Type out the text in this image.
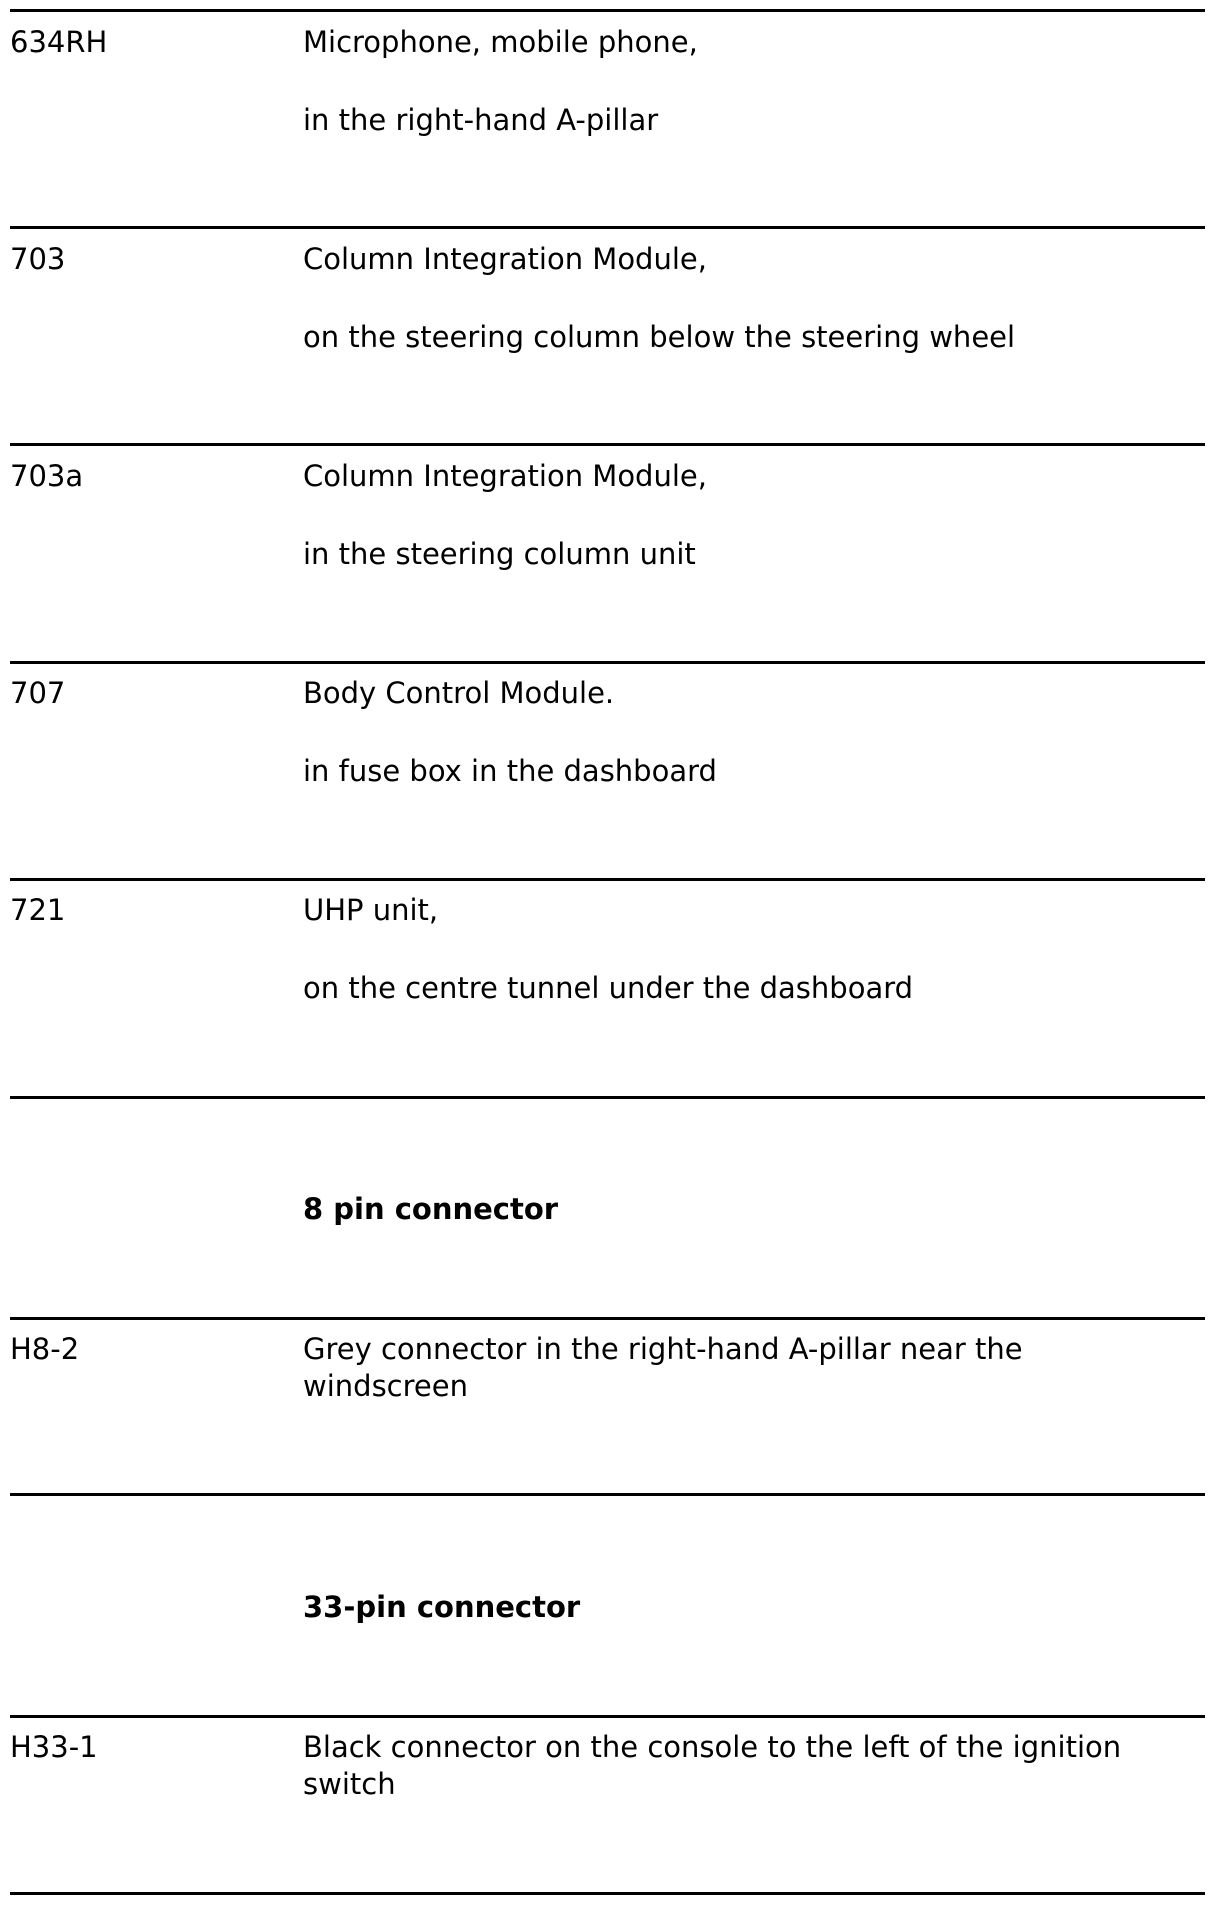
634RH	Microphone, mobile phone,
in the right-hand A-pillar
703	Column Integration Module,
on the steering column below the steering wheel
703a	Column Integration Module,
in the steering column unit
707	Body Control Module.
in fuse box in the dashboard
721	UHP unit,
on the centre tunnel under the dashboard
8 pin connector
H8-2	Grey connector in the right-hand A-pillar near the windscreen
33-pin connector
H33-1	Black connector on the console to the left of the ignition switch
